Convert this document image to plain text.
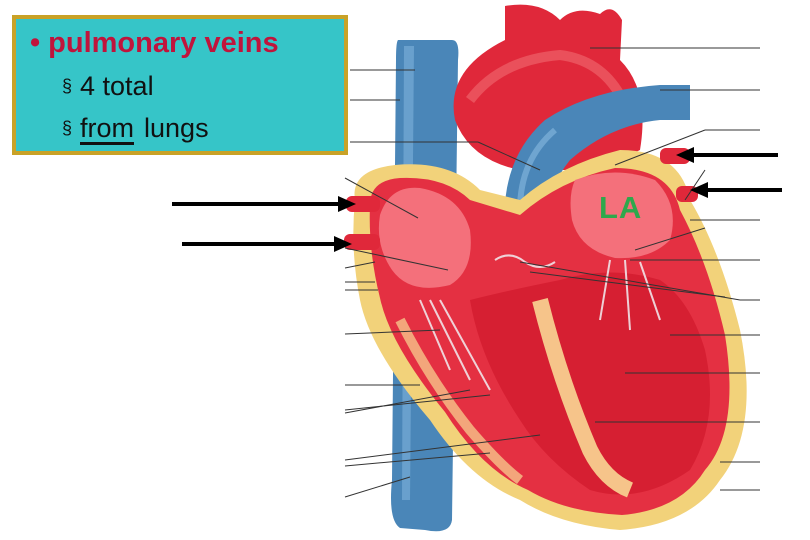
LA
• pulmonary veins
§ 4 total
§ from lungs
